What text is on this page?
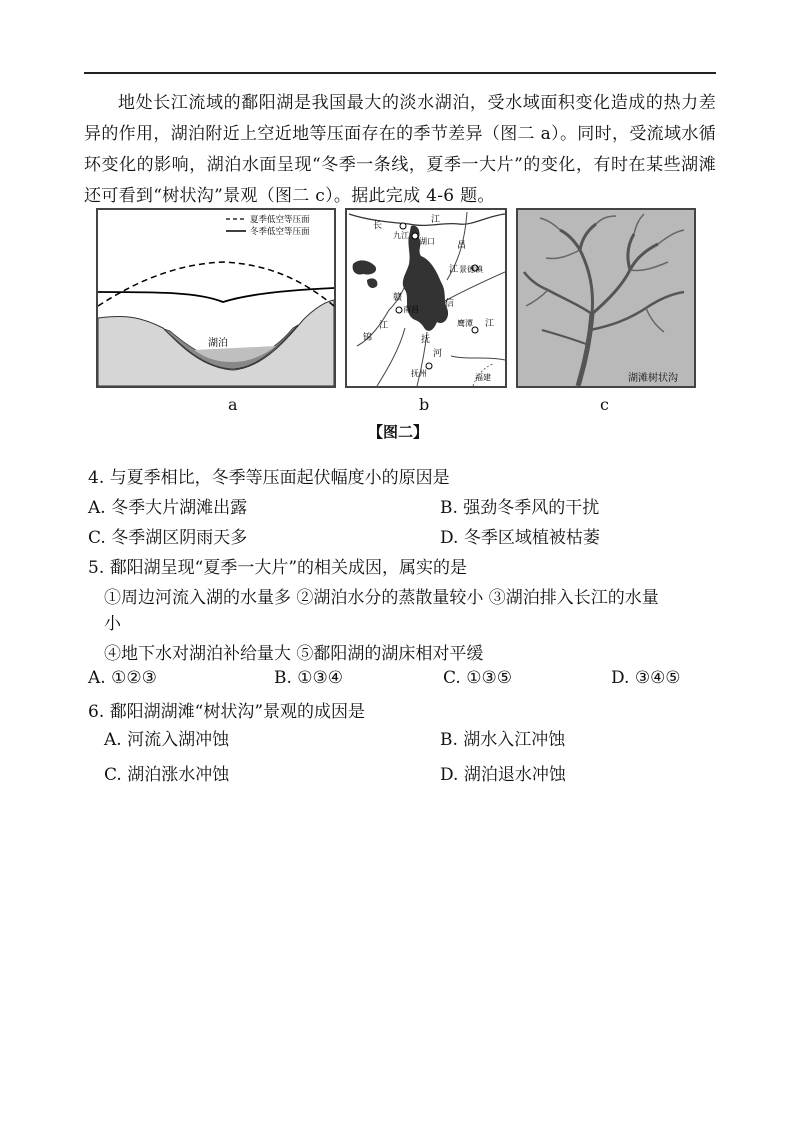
地处长江流域的鄱阳湖是我国最大的淡水湖泊，受水域面积变化造成的热力差异的作用，湖泊附近上空近地等压面存在的季节差异（图二 a）。同时，受流域水循环变化的影响，湖泊水面呈现“冬季一条线，夏季一大片”的变化，有时在某些湖滩还可看到“树状沟”景观（图二 c）。据此完成 4-6 题。
夏季低空等压面
冬季低空等压面
湖泊
长
江
九江
湖口 昌
景德镇
江
赣
南昌
信
鹰潭
锦
江
抚
江
河
抚州	福建	湖滩树状沟
a	b	c
【图二】
4. 与夏季相比，冬季等压面起伏幅度小的原因是
A. 冬季大片湖滩出露	B. 强劲冬季风的干扰
C. 冬季湖区阴雨天多	D. 冬季区域植被枯萎
5. 鄱阳湖呈现“夏季一大片”的相关成因，属实的是
①周边河流入湖的水量多 ②湖泊水分的蒸散量较小 ③湖泊排入长江的水量
小
④地下水对湖泊补给量大 ⑤鄱阳湖的湖床相对平缓
A. ①②③	B. ①③④	C. ①③⑤	D. ③④⑤
6. 鄱阳湖湖滩“树状沟”景观的成因是
A. 河流入湖冲蚀	B. 湖水入江冲蚀
C. 湖泊涨水冲蚀	D. 湖泊退水冲蚀
